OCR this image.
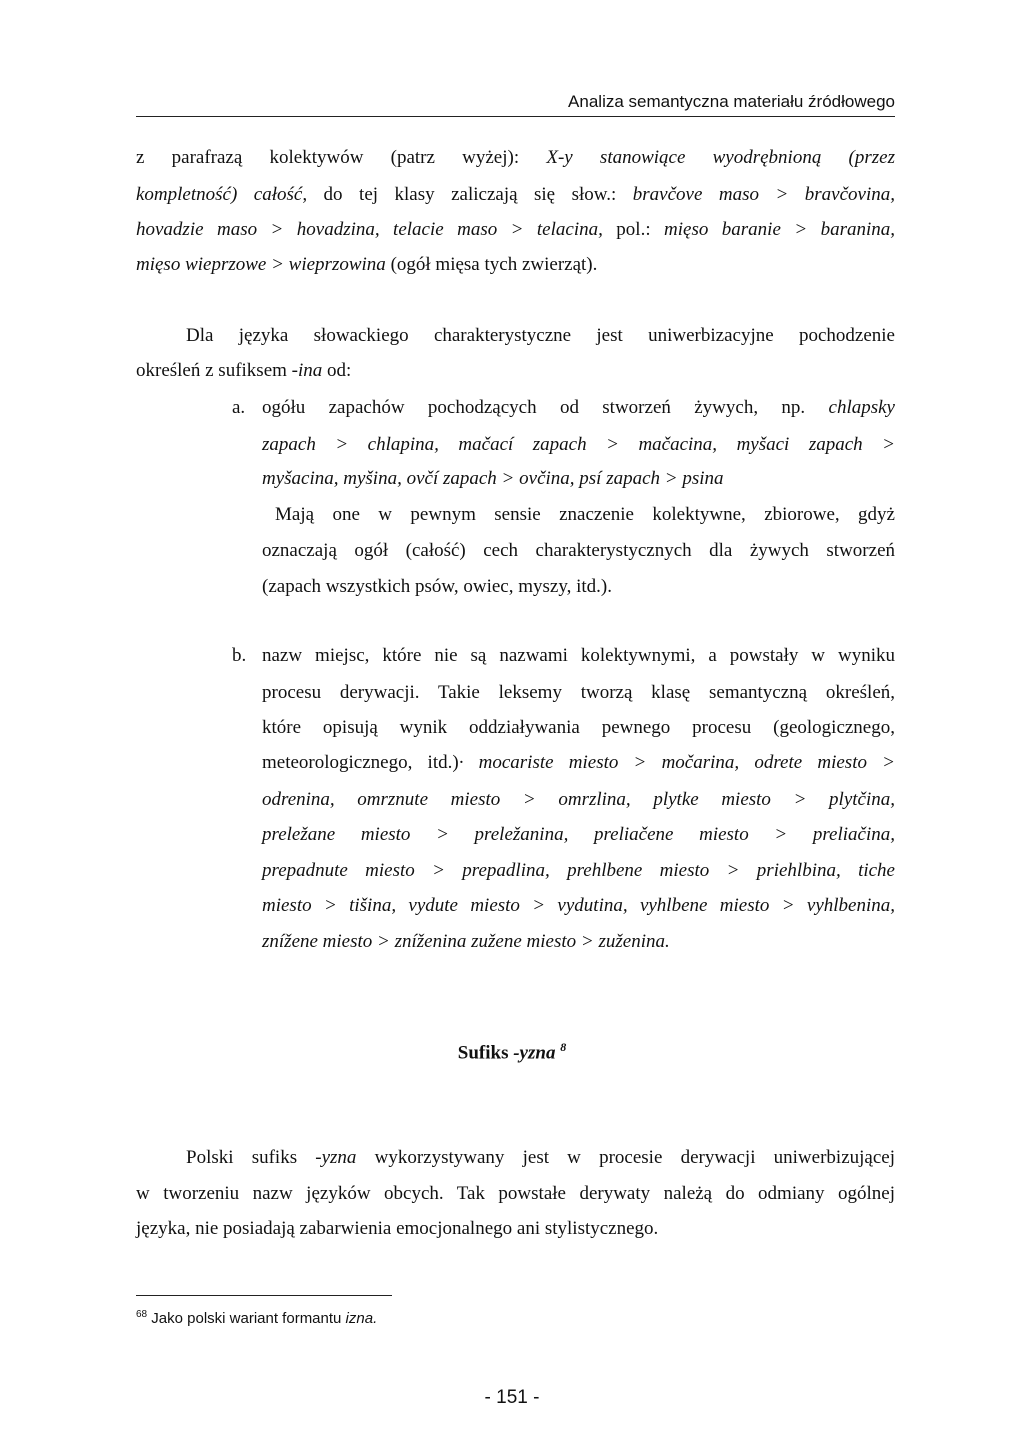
Analiza semantyczna materiału źródłowego
z parafrazą kolektywów (patrz wyżej): X-y stanowiące wyodrębnioną (przez
kompletność) całość, do tej klasy zaliczają się słow.: bravčove maso > bravčovina,
hovadzie maso > hovadzina, telacie maso > telacina, pol.: mięso baranie > baranina,
mięso wieprzowe > wieprzowina (ogół mięsa tych zwierząt).
Dla języka słowackiego charakterystyczne jest uniwerbizacyjne pochodzenie
określeń z sufiksem -ina od:
a. ogółu zapachów pochodzących od stworzeń żywych, np. chlapsky
zapach > chlapina, mačací zapach > mačacina, myšaci zapach >
myšacina, myšina, ovčí zapach > ovčina, psí zapach > psina
Mają one w pewnym sensie znaczenie kolektywne, zbiorowe, gdyż
oznaczają ogół (całość) cech charakterystycznych dla żywych stworzeń
(zapach wszystkich psów, owiec, myszy, itd.).
b. nazw miejsc, które nie są nazwami kolektywnymi, a powstały w wyniku
procesu derywacji. Takie leksemy tworzą klasę semantyczną określeń,
które opisują wynik oddziaływania pewnego procesu (geologicznego,
meteorologicznego, itd.)· mocariste miesto > močarina, odrete miesto >
odrenina, omrznute miesto > omrzlina, plytke miesto > plytčina,
preležane miesto > preležanina, preliačene miesto > preliačina,
prepadnute miesto > prepadlina, prehlbene miesto > priehlbina, tiche
miesto > tišina, vydute miesto > vydutina, vyhlbene miesto > vyhlbenina,
znížene miesto > zníženina zužene miesto > zuženina.
Sufiks -yzna $^8$
Polski sufiks -yzna wykorzystywany jest w procesie derywacji uniwerbizującej
w tworzeniu nazw języków obcych. Tak powstałe derywaty należą do odmiany ogólnej
języka, nie posiadają zabarwienia emocjonalnego ani stylistycznego.
$^{68}$ Jako polski wariant formantu izna.
- 151 -
